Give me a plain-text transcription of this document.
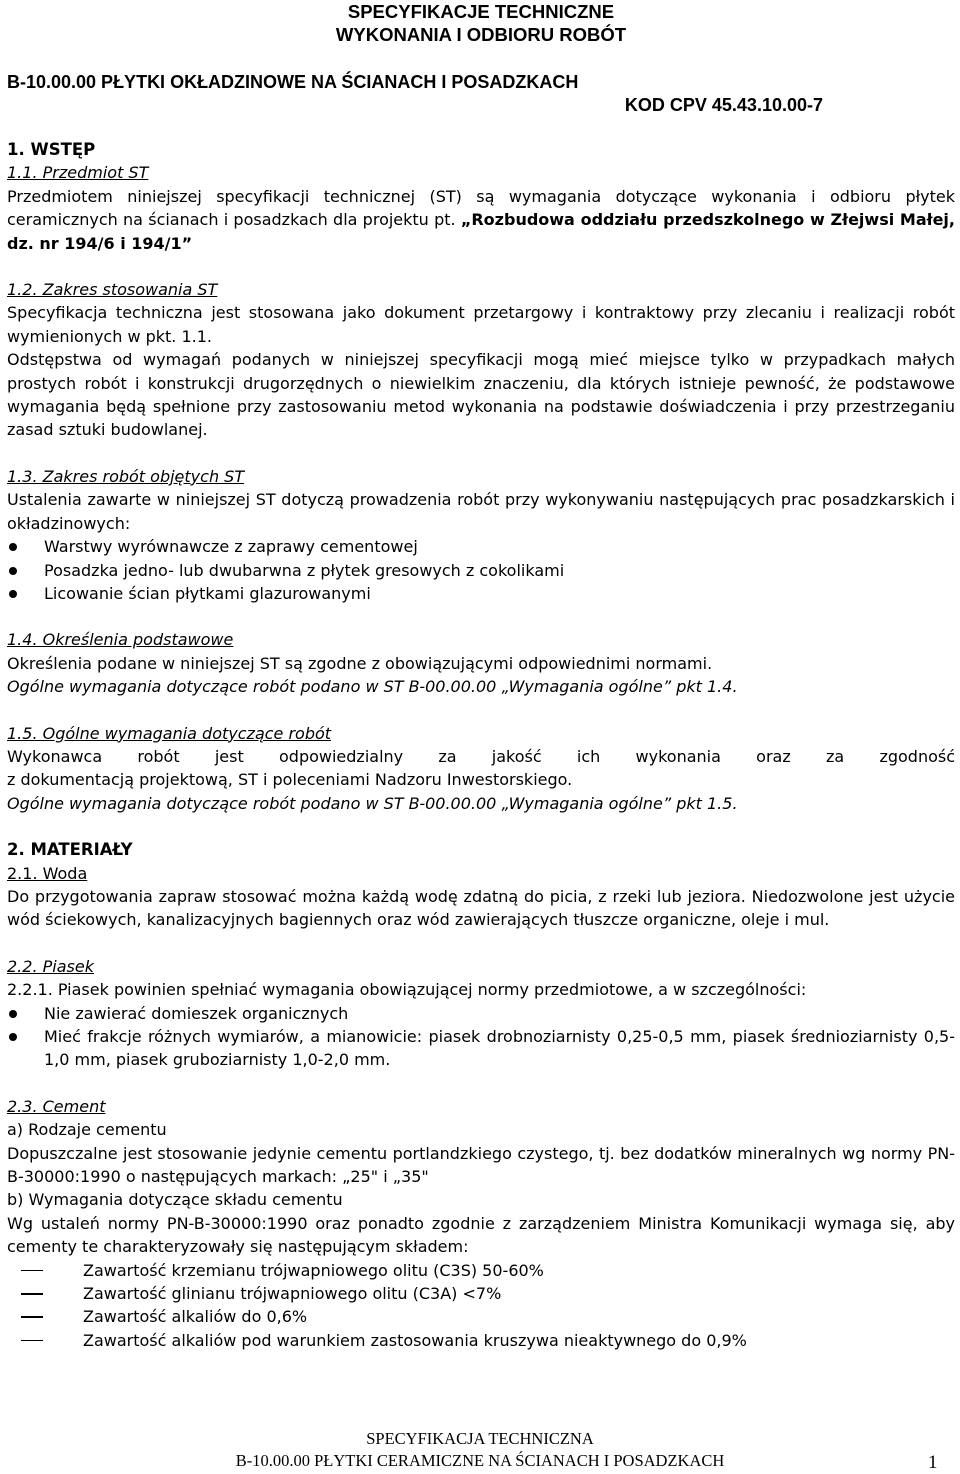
SPECYFIKACJE TECHNICZNE
WYKONANIA I ODBIORU ROBÓT
B-10.00.00 PŁYTKI OKŁADZINOWE NA ŚCIANACH I POSADZKACH
KOD CPV 45.43.10.00-7
1. WSTĘP
1.1. Przedmiot ST
Przedmiotem niniejszej specyfikacji technicznej (ST) są wymagania dotyczące wykonania i odbioru płytek ceramicznych na ścianach i posadzkach dla projektu pt. „Rozbudowa oddziału przedszkolnego w Złejwsi Małej, dz. nr 194/6 i 194/1”
1.2. Zakres stosowania ST
Specyfikacja techniczna jest stosowana jako dokument przetargowy i kontraktowy przy zlecaniu i realizacji robót wymienionych w pkt. 1.1.
Odstępstwa od wymagań podanych w niniejszej specyfikacji mogą mieć miejsce tylko w przypadkach małych prostych robót i konstrukcji drugorzędnych o niewielkim znaczeniu, dla których istnieje pewność, że podstawowe wymagania będą spełnione przy zastosowaniu metod wykonania na podstawie doświadczenia i przy przestrzeganiu zasad sztuki budowlanej.
1.3. Zakres robót objętych ST
Ustalenia zawarte w niniejszej ST dotyczą prowadzenia robót przy wykonywaniu następujących prac posadzkarskich i okładzinowych:
Warstwy wyrównawcze z zaprawy cementowej
Posadzka jedno- lub dwubarwna z płytek gresowych z cokolikami
Licowanie ścian płytkami glazurowanymi
1.4. Określenia podstawowe
Określenia podane w niniejszej ST są zgodne z obowiązującymi odpowiednimi normami.
Ogólne wymagania dotyczące robót podano w ST B-00.00.00 „Wymagania ogólne” pkt 1.4.
1.5. Ogólne wymagania dotyczące robót
Wykonawca robót jest odpowiedzialny za jakość ich wykonania oraz za zgodność
z dokumentacją projektową, ST i poleceniami Nadzoru Inwestorskiego.
Ogólne wymagania dotyczące robót podano w ST B-00.00.00 „Wymagania ogólne” pkt 1.5.
2. MATERIAŁY
2.1. Woda
Do przygotowania zapraw stosować można każdą wodę zdatną do picia, z rzeki lub jeziora. Niedozwolone jest użycie wód ściekowych, kanalizacyjnych bagiennych oraz wód zawierających tłuszcze organiczne, oleje i mul.
2.2. Piasek
2.2.1. Piasek powinien spełniać wymagania obowiązującej normy przedmiotowe, a w szczególności:
Nie zawierać domieszek organicznych
Mieć frakcje różnych wymiarów, a mianowicie: piasek drobnoziarnisty 0,25-0,5 mm, piasek średnioziarnisty 0,5-1,0 mm, piasek gruboziarnisty 1,0-2,0 mm.
2.3. Cement
a) Rodzaje cementu
Dopuszczalne jest stosowanie jedynie cementu portlandzkiego czystego, tj. bez dodatków mineralnych wg normy PN-B-30000:1990 o następujących markach: „25" i „35"
b) Wymagania dotyczące składu cementu
Wg ustaleń normy PN-B-30000:1990 oraz ponadto zgodnie z zarządzeniem Ministra Komunikacji wymaga się, aby cementy te charakteryzowały się następującym składem:
Zawartość krzemianu trójwapniowego olitu (C3S) 50-60%
Zawartość glinianu trójwapniowego olitu (C3A) <7%
Zawartość alkaliów do 0,6%
Zawartość alkaliów pod warunkiem zastosowania kruszywa nieaktywnego do 0,9%
SPECYFIKACJA TECHNICZNA
B-10.00.00 PŁYTKI CERAMICZNE NA ŚCIANACH I POSADZKACH	1
